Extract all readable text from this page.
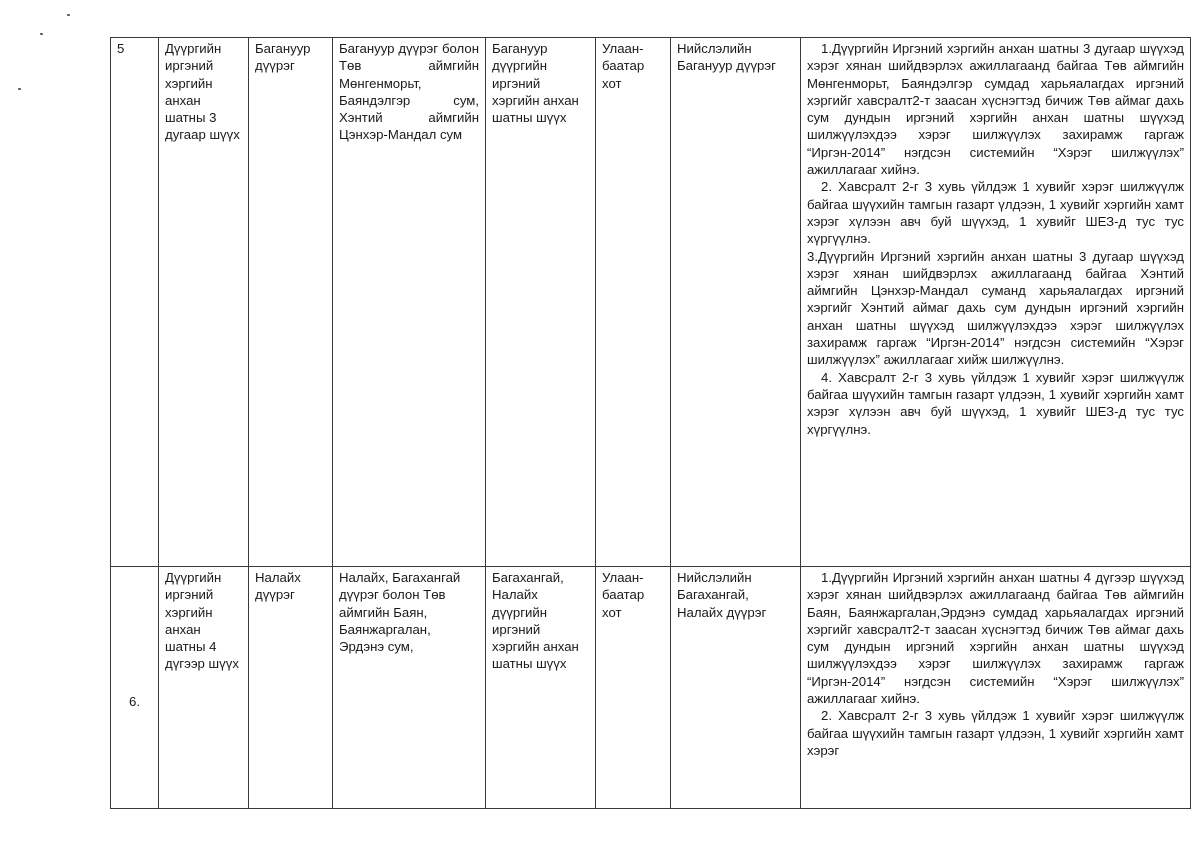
5	Дүүргийн иргэний хэргийн анхан шатны 3 дугаар шүүх	Багануур дүүрэг	Багануур дүүрэг болон Төв аймгийн Мөнгенморьт, Баяндэлгэр сум, Хэнтий аймгийн Цэнхэр-Мандал сум	Багануур дүүргийн иргэний хэргийн анхан шатны шүүх	Улаан-баатар хот	Нийслэлийн Багануур дүүрэг	1.Дүүргийн Иргэний хэргийн анхан шатны 3 дугаар шүүхэд хэрэг хянан шийдвэрлэх ажиллагаанд байгаа Төв аймгийн Мөнгенморьт, Баяндэлгэр сумдад харьяалагдах иргэний хэргийг хавсралт2-т заасан хүснэгтэд бичиж Төв аймаг дахь сум дундын иргэний хэргийн анхан шатны шүүхэд шилжүүлэхдээ хэрэг шилжүүлэх захирамж гаргаж “Иргэн-2014” нэгдсэн системийн “Хэрэг шилжүүлэх” ажиллагааг хийнэ.
2. Хавсралт 2-г 3 хувь үйлдэж 1 хувийг хэрэг шилжүүлж байгаа шүүхийн тамгын газарт үлдээн, 1 хувийг хэргийн хамт хэрэг хүлээн авч буй шүүхэд, 1 хувийг ШЕЗ-д тус тус хүргүүлнэ.
3.Дүүргийн Иргэний хэргийн анхан шатны 3 дугаар шүүхэд хэрэг хянан шийдвэрлэх ажиллагаанд байгаа Хэнтий аймгийн Цэнхэр-Мандал суманд харьяалагдах иргэний хэргийг Хэнтий аймаг дахь сум дундын иргэний хэргийн анхан шатны шүүхэд шилжүүлэхдээ хэрэг шилжүүлэх захирамж гаргаж “Иргэн-2014” нэгдсэн системийн “Хэрэг шилжүүлэх” ажиллагааг хийж шилжүүлнэ.
4. Хавсралт 2-г 3 хувь үйлдэж 1 хувийг хэрэг шилжүүлж байгаа шүүхийн тамгын газарт үлдээн, 1 хувийг хэргийн хамт хэрэг хүлээн авч буй шүүхэд, 1 хувийг ШЕЗ-д тус тус хүргүүлнэ.

6.	Дүүргийн иргэний хэргийн анхан шатны 4 дүгээр шүүх	Налайх дүүрэг	Налайх, Багахангай дүүрэг болон Төв аймгийн Баян, Баянжаргалан, Эрдэнэ сум,	Багахангай, Налайх дүүргийн иргэний хэргийн анхан шатны шүүх	Улаан-баатар хот	Нийслэлийн Багахангай, Налайх дүүрэг	1.Дүүргийн Иргэний хэргийн анхан шатны 4 дүгээр шүүхэд хэрэг хянан шийдвэрлэх ажиллагаанд байгаа Төв аймгийн Баян, Баянжаргалан,Эрдэнэ сумдад харьяалагдах иргэний хэргийг хавсралт2-т заасан хүснэгтэд бичиж Төв аймаг дахь сум дундын иргэний хэргийн анхан шатны шүүхэд шилжүүлэхдээ хэрэг шилжүүлэх захирамж гаргаж “Иргэн-2014” нэгдсэн системийн “Хэрэг шилжүүлэх” ажиллагааг хийнэ.
2. Хавсралт 2-г 3 хувь үйлдэж 1 хувийг хэрэг шилжүүлж байгаа шүүхийн тамгын газарт үлдээн, 1 хувийг хэргийн хамт хэрэг
